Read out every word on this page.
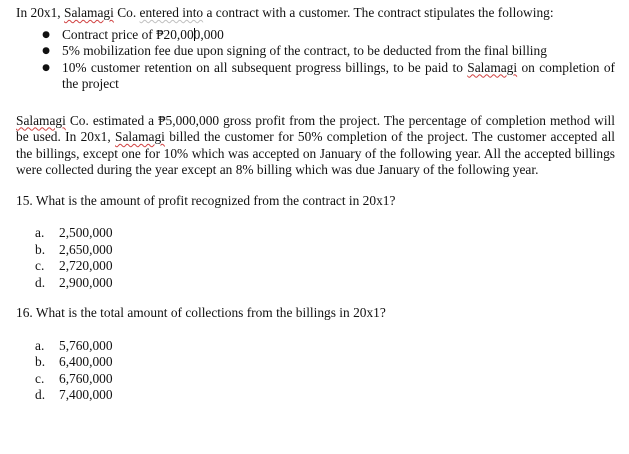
In 20x1, Salamagi Co. entered into a contract with a customer. The contract stipulates the following:

● Contract price of ₱20,000,000
● 5% mobilization fee due upon signing of the contract, to be deducted from the final billing
● 10% customer retention on all subsequent progress billings, to be paid to Salamagi on completion of the project

Salamagi Co. estimated a ₱5,000,000 gross profit from the project. The percentage of completion method will be used. In 20x1, Salamagi billed the customer for 50% completion of the project. The customer accepted all the billings, except one for 10% which was accepted on January of the following year. All the accepted billings were collected during the year except an 8% billing which was due January of the following year.

15. What is the amount of profit recognized from the contract in 20x1?

a. 2,500,000
b. 2,650,000
c. 2,720,000
d. 2,900,000

16. What is the total amount of collections from the billings in 20x1?

a. 5,760,000
b. 6,400,000
c. 6,760,000
d. 7,400,000
